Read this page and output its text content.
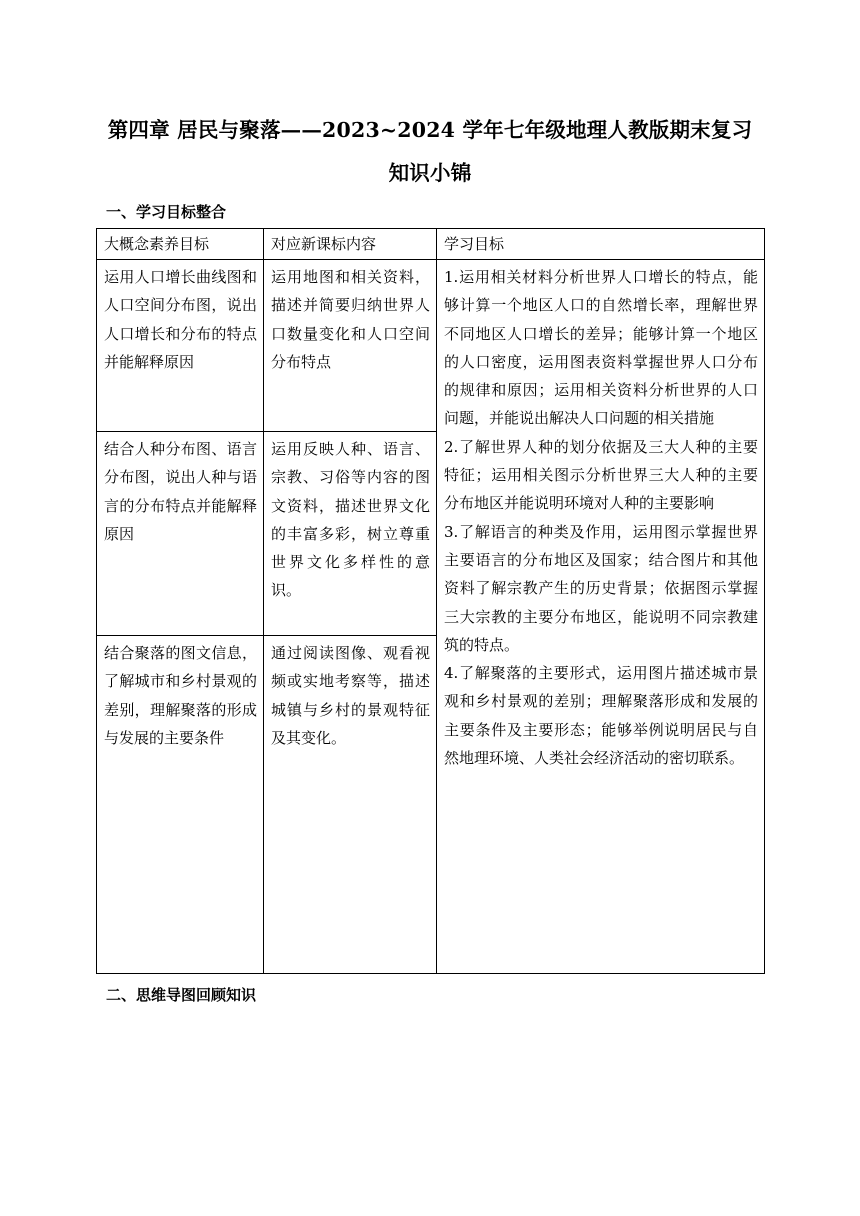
第四章 居民与聚落——2023~2024 学年七年级地理人教版期末复习
知识小锦
一、学习目标整合
大概念素养目标	对应新课标内容	学习目标
运用人口增长曲线图和人口空间分布图，说出人口增长和分布的特点并能解释原因	运用地图和相关资料，描述并简要归纳世界人口数量变化和人口空间分布特点	1.运用相关材料分析世界人口增长的特点，能够计算一个地区人口的自然增长率，理解世界不同地区人口增长的差异；能够计算一个地区的人口密度，运用图表资料掌握世界人口分布的规律和原因；运用相关资料分析世界的人口问题，并能说出解决人口问题的相关措施
2.了解世界人种的划分依据及三大人种的主要特征；运用相关图示分析世界三大人种的主要分布地区并能说明环境对人种的主要影响
3.了解语言的种类及作用，运用图示掌握世界主要语言的分布地区及国家；结合图片和其他资料了解宗教产生的历史背景；依据图示掌握三大宗教的主要分布地区，能说明不同宗教建筑的特点。
4.了解聚落的主要形式，运用图片描述城市景观和乡村景观的差别；理解聚落形成和发展的主要条件及主要形态；能够举例说明居民与自然地理环境、人类社会经济活动的密切联系。

结合人种分布图、语言分布图，说出人种与语言的分布特点并能解释原因	运用反映人种、语言、宗教、习俗等内容的图文资料，描述世界文化的丰富多彩，树立尊重世界文化多样性的意识。	
结合聚落的图文信息，了解城市和乡村景观的差别，理解聚落的形成与发展的主要条件	通过阅读图像、观看视频或实地考察等，描述城镇与乡村的景观特征及其变化。	
二、思维导图回顾知识
